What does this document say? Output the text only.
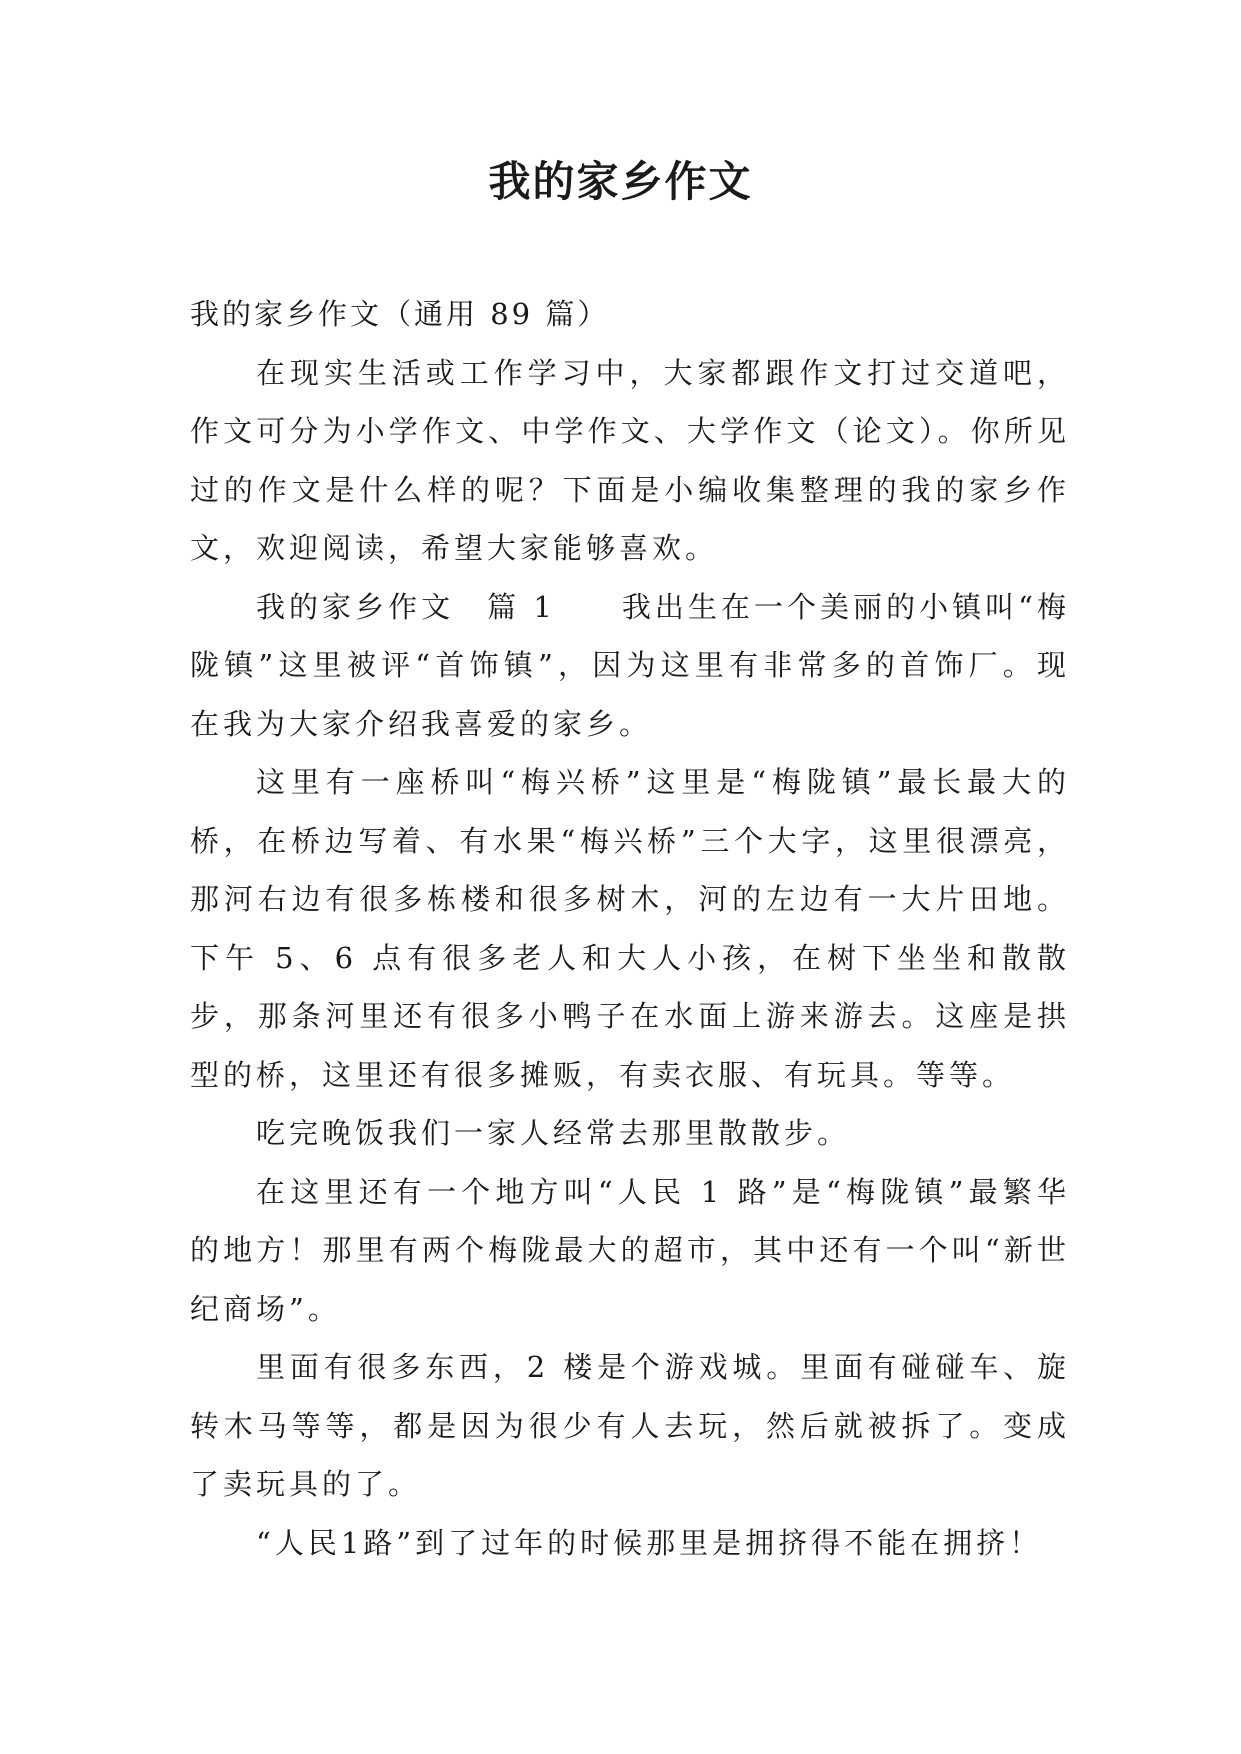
我的家乡作文

我的家乡作文（通用 89 篇）

在现实生活或工作学习中，大家都跟作文打过交道吧，作文可分为小学作文、中学作文、大学作文（论文）。你所见过的作文是什么样的呢？下面是小编收集整理的我的家乡作文，欢迎阅读，希望大家能够喜欢。

我的家乡作文　篇 1　　我出生在一个美丽的小镇叫“梅陇镇”这里被评“首饰镇”，因为这里有非常多的首饰厂。现在我为大家介绍我喜爱的家乡。

这里有一座桥叫“梅兴桥”这里是“梅陇镇”最长最大的桥，在桥边写着、有水果“梅兴桥”三个大字，这里很漂亮，那河右边有很多栋楼和很多树木，河的左边有一大片田地。下午 5、6 点有很多老人和大人小孩，在树下坐坐和散散步，那条河里还有很多小鸭子在水面上游来游去。这座是拱型的桥，这里还有很多摊贩，有卖衣服、有玩具。等等。

吃完晚饭我们一家人经常去那里散散步。

在这里还有一个地方叫“人民 1 路”是“梅陇镇”最繁华的地方！那里有两个梅陇最大的超市，其中还有一个叫“新世纪商场”。

里面有很多东西，2 楼是个游戏城。里面有碰碰车、旋转木马等等，都是因为很少有人去玩，然后就被拆了。变成了卖玩具的了。

“人民1路”到了过年的时候那里是拥挤得不能在拥挤！
